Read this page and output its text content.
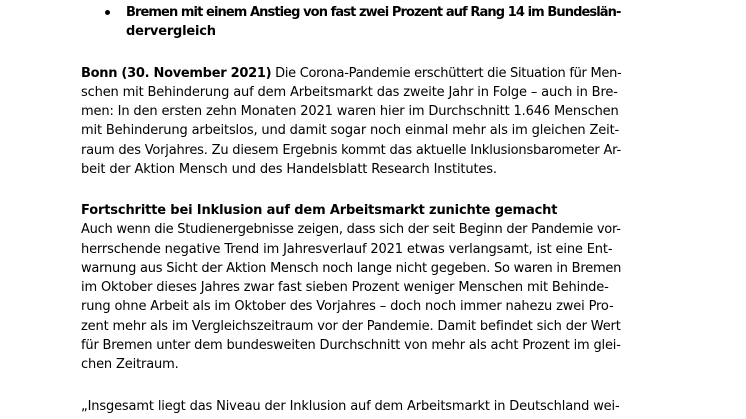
Bremen mit einem Anstieg von fast zwei Prozent auf Rang 14 im Bundeslän-
dervergleich
Bonn (30. November 2021) Die Corona-Pandemie erschüttert die Situation für Men-
schen mit Behinderung auf dem Arbeitsmarkt das zweite Jahr in Folge – auch in Bre-
men: In den ersten zehn Monaten 2021 waren hier im Durchschnitt 1.646 Menschen
mit Behinderung arbeitslos, und damit sogar noch einmal mehr als im gleichen Zeit-
raum des Vorjahres. Zu diesem Ergebnis kommt das aktuelle Inklusionsbarometer Ar-
beit der Aktion Mensch und des Handelsblatt Research Institutes.
Fortschritte bei Inklusion auf dem Arbeitsmarkt zunichte gemacht
Auch wenn die Studienergebnisse zeigen, dass sich der seit Beginn der Pandemie vor-
herrschende negative Trend im Jahresverlauf 2021 etwas verlangsamt, ist eine Ent-
warnung aus Sicht der Aktion Mensch noch lange nicht gegeben. So waren in Bremen
im Oktober dieses Jahres zwar fast sieben Prozent weniger Menschen mit Behinde-
rung ohne Arbeit als im Oktober des Vorjahres – doch noch immer nahezu zwei Pro-
zent mehr als im Vergleichszeitraum vor der Pandemie. Damit befindet sich der Wert
für Bremen unter dem bundesweiten Durchschnitt von mehr als acht Prozent im glei-
chen Zeitraum.
„Insgesamt liegt das Niveau der Inklusion auf dem Arbeitsmarkt in Deutschland wei-
